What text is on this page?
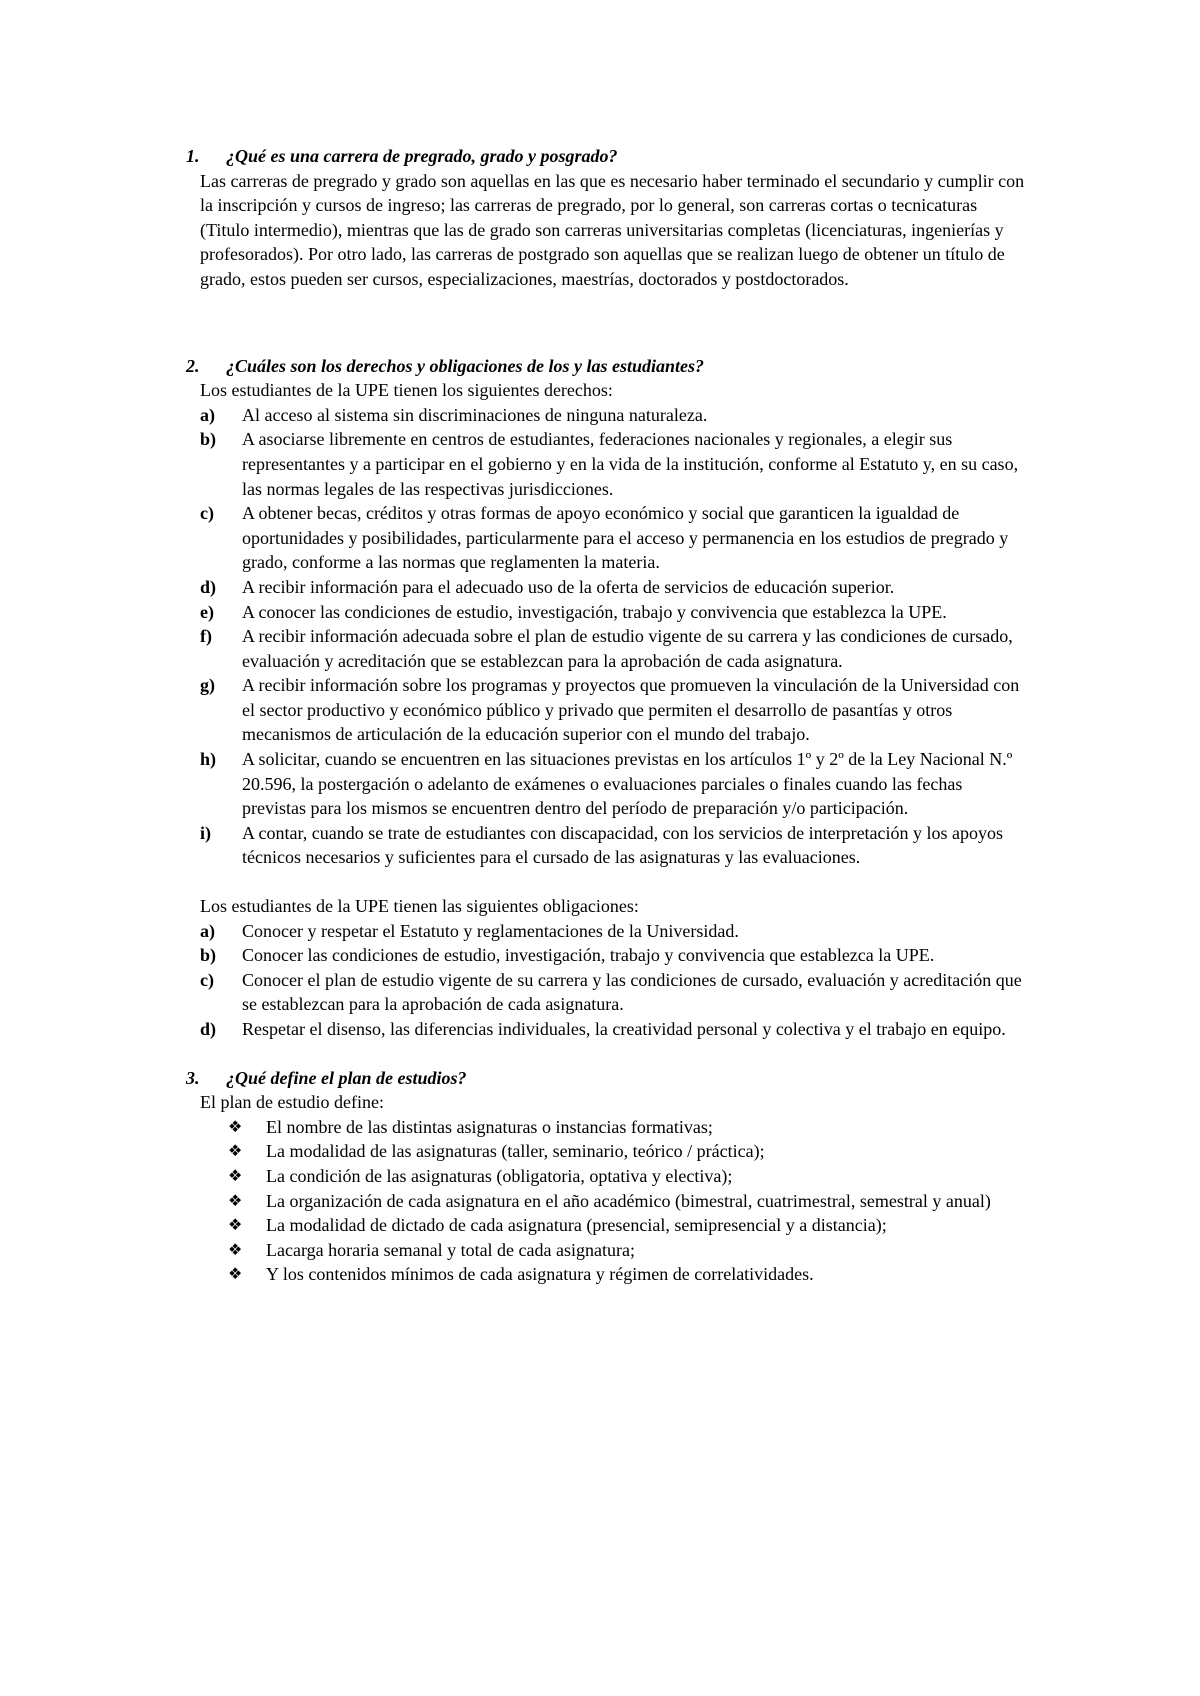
1. ¿Qué es una carrera de pregrado, grado y posgrado?
Las carreras de pregrado y grado son aquellas en las que es necesario haber terminado el secundario y cumplir con la inscripción y cursos de ingreso; las carreras de pregrado, por lo general, son carreras cortas o tecnicaturas (Titulo intermedio), mientras que las de grado son carreras universitarias completas (licenciaturas, ingenierías y profesorados). Por otro lado, las carreras de postgrado son aquellas que se realizan luego de obtener un título de grado, estos pueden ser cursos, especializaciones, maestrías, doctorados y postdoctorados.
2. ¿Cuáles son los derechos y obligaciones de los y las estudiantes?
Los estudiantes de la UPE tienen los siguientes derechos:
a) Al acceso al sistema sin discriminaciones de ninguna naturaleza.
b) A asociarse libremente en centros de estudiantes, federaciones nacionales y regionales, a elegir sus representantes y a participar en el gobierno y en la vida de la institución, conforme al Estatuto y, en su caso, las normas legales de las respectivas jurisdicciones.
c) A obtener becas, créditos y otras formas de apoyo económico y social que garanticen la igualdad de oportunidades y posibilidades, particularmente para el acceso y permanencia en los estudios de pregrado y grado, conforme a las normas que reglamenten la materia.
d) A recibir información para el adecuado uso de la oferta de servicios de educación superior.
e) A conocer las condiciones de estudio, investigación, trabajo y convivencia que establezca la UPE.
f) A recibir información adecuada sobre el plan de estudio vigente de su carrera y las condiciones de cursado, evaluación y acreditación que se establezcan para la aprobación de cada asignatura.
g) A recibir información sobre los programas y proyectos que promueven la vinculación de la Universidad con el sector productivo y económico público y privado que permiten el desarrollo de pasantías y otros mecanismos de articulación de la educación superior con el mundo del trabajo.
h) A solicitar, cuando se encuentren en las situaciones previstas en los artículos 1º y 2º de la Ley Nacional N.º 20.596, la postergación o adelanto de exámenes o evaluaciones parciales o finales cuando las fechas previstas para los mismos se encuentren dentro del período de preparación y/o participación.
i) A contar, cuando se trate de estudiantes con discapacidad, con los servicios de interpretación y los apoyos técnicos necesarios y suficientes para el cursado de las asignaturas y las evaluaciones.
Los estudiantes de la UPE tienen las siguientes obligaciones:
a) Conocer y respetar el Estatuto y reglamentaciones de la Universidad.
b) Conocer las condiciones de estudio, investigación, trabajo y convivencia que establezca la UPE.
c) Conocer el plan de estudio vigente de su carrera y las condiciones de cursado, evaluación y acreditación que se establezcan para la aprobación de cada asignatura.
d) Respetar el disenso, las diferencias individuales, la creatividad personal y colectiva y el trabajo en equipo.
3. ¿Qué define el plan de estudios?
El plan de estudio define:
❖ El nombre de las distintas asignaturas o instancias formativas;
❖ La modalidad de las asignaturas (taller, seminario, teórico / práctica);
❖ La condición de las asignaturas (obligatoria, optativa y electiva);
❖ La organización de cada asignatura en el año académico (bimestral, cuatrimestral, semestral y anual)
❖ La modalidad de dictado de cada asignatura (presencial, semipresencial y a distancia);
❖ Lacarga horaria semanal y total de cada asignatura;
❖ Y los contenidos mínimos de cada asignatura y régimen de correlatividades.
